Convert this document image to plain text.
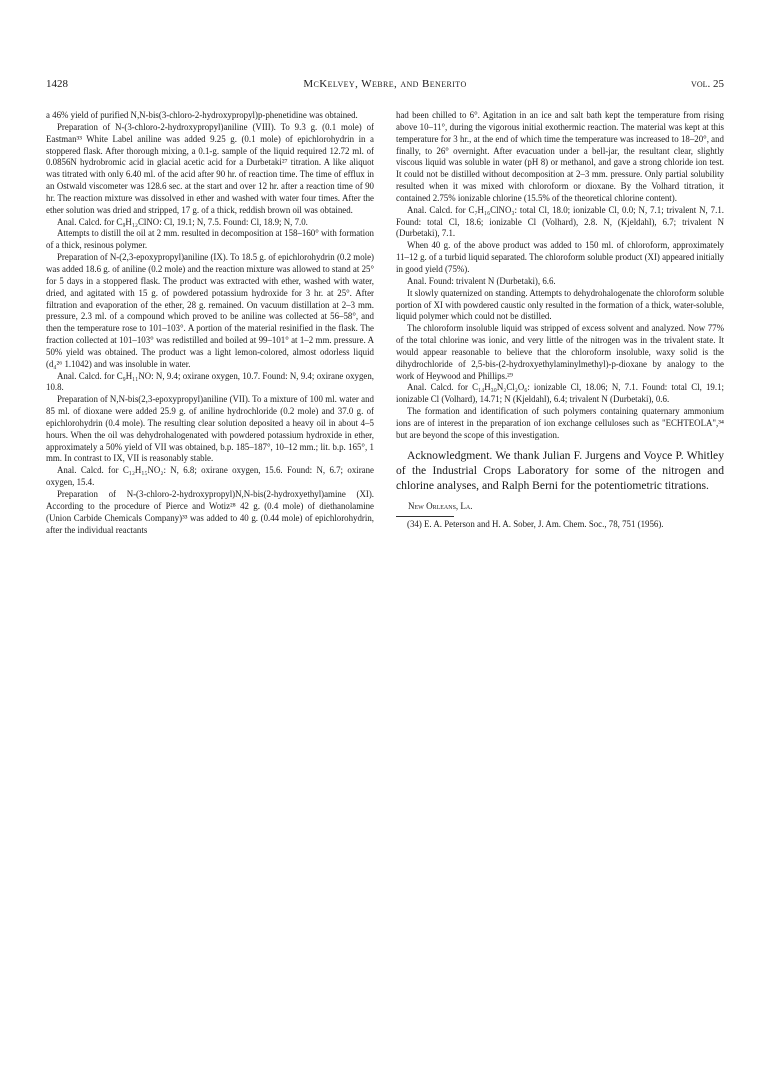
1428	McKelvey, Webre, and Benerito	vol. 25

a 46% yield of purified N,N-bis(3-chloro-2-hydroxypropyl)p-phenetidine was obtained.

Preparation of N-(3-chloro-2-hydroxypropyl)aniline (VIII). To 9.3 g. (0.1 mole) of Eastman³³ White Label aniline was added 9.25 g. (0.1 mole) of epichlorohydrin in a stoppered flask. After thorough mixing, a 0.1-g. sample of the liquid required 12.72 ml. of 0.0856N hydrobromic acid in glacial acetic acid for a Durbetaki²⁷ titration. A like aliquot was titrated with only 6.40 ml. of the acid after 90 hr. of reaction time. The time of efflux in an Ostwald viscometer was 128.6 sec. at the start and over 12 hr. after a reaction time of 90 hr. The reaction mixture was dissolved in ether and washed with water four times. After the ether solution was dried and stripped, 17 g. of a thick, reddish brown oil was obtained.

Anal. Calcd. for C₉H₁₂ClNO: Cl, 19.1; N, 7.5. Found: Cl, 18.9; N, 7.0.

Attempts to distill the oil at 2 mm. resulted in decomposition at 158–160° with formation of a thick, resinous polymer.

Preparation of N-(2,3-epoxypropyl)aniline (IX). To 18.5 g. of epichlorohydrin (0.2 mole) was added 18.6 g. of aniline (0.2 mole) and the reaction mixture was allowed to stand at 25° for 5 days in a stoppered flask. The product was extracted with ether, washed with water, dried, and agitated with 15 g. of powdered potassium hydroxide for 3 hr. at 25°. After filtration and evaporation of the ether, 28 g. remained. On vacuum distillation at 2–3 mm. pressure, 2.3 ml. of a compound which proved to be aniline was collected at 56–58°, and then the temperature rose to 101–103°. A portion of the material resinified in the flask. The fraction collected at 101–103° was redistilled and boiled at 99–101° at 1–2 mm. pressure. A 50% yield was obtained. The product was a light lemon-colored, almost odorless liquid (d₄²⁶ 1.1042) and was insoluble in water.

Anal. Calcd. for C₉H₁₁NO: N, 9.4; oxirane oxygen, 10.7. Found: N, 9.4; oxirane oxygen, 10.8.

Preparation of N,N-bis(2,3-epoxypropyl)aniline (VII). To a mixture of 100 ml. water and 85 ml. of dioxane were added 25.9 g. of aniline hydrochloride (0.2 mole) and 37.0 g. of epichlorohydrin (0.4 mole). The resulting clear solution deposited a heavy oil in about 4–5 hours. When the oil was dehydrohalogenated with powdered potassium hydroxide in ether, approximately a 50% yield of VII was obtained, b.p. 185–187°, 10–12 mm.; lit. b.p. 165°, 1 mm. In contrast to IX, VII is reasonably stable.

Anal. Calcd. for C₁₂H₁₅NO₂: N, 6.8; oxirane oxygen, 15.6. Found: N, 6.7; oxirane oxygen, 15.4.

Preparation of N-(3-chloro-2-hydroxypropyl)N,N-bis(2-hydroxyethyl)amine (XI). According to the procedure of Pierce and Wotiz²⁸ 42 g. (0.4 mole) of diethanolamine (Union Carbide Chemicals Company)³³ was added to 40 g. (0.44 mole) of epichlorohydrin, after the individual reactants

had been chilled to 6°. Agitation in an ice and salt bath kept the temperature from rising above 10–11°, during the vigorous initial exothermic reaction. The material was kept at this temperature for 3 hr., at the end of which time the temperature was increased to 18–20°, and finally, to 26° overnight. After evacuation under a bell-jar, the resultant clear, slightly viscous liquid was soluble in water (pH 8) or methanol, and gave a strong chloride ion test. It could not be distilled without decomposition at 2–3 mm. pressure. Only partial solubility resulted when it was mixed with chloroform or dioxane. By the Volhard titration, it contained 2.75% ionizable chlorine (15.5% of the theoretical chlorine content).

Anal. Calcd. for C₇H₁₆ClNO₃: total Cl, 18.0; ionizable Cl, 0.0; N, 7.1; trivalent N, 7.1. Found: total Cl, 18.6; ionizable Cl (Volhard), 2.8. N, (Kjeldahl), 6.7; trivalent N (Durbetaki), 7.1.

When 40 g. of the above product was added to 150 ml. of chloroform, approximately 11–12 g. of a turbid liquid separated. The chloroform soluble product (XI) appeared initially in good yield (75%).

Anal. Found: trivalent N (Durbetaki), 6.6.

It slowly quaternized on standing. Attempts to dehydrohalogenate the chloroform soluble portion of XI with powdered caustic only resulted in the formation of a thick, water-soluble, liquid polymer which could not be distilled.

The chloroform insoluble liquid was stripped of excess solvent and analyzed. Now 77% of the total chlorine was ionic, and very little of the nitrogen was in the trivalent state. It would appear reasonable to believe that the chloroform insoluble, waxy solid is the dihydrochloride of 2,5-bis-(2-hydroxyethylaminylmethyl)-p-dioxane by analogy to the work of Heywood and Phillips.²⁹

Anal. Calcd. for C₁₄H₃₀N₂Cl₂O₆: ionizable Cl, 18.06; N, 7.1. Found: total Cl, 19.1; ionizable Cl (Volhard), 14.71; N (Kjeldahl), 6.4; trivalent N (Durbetaki), 0.6.

The formation and identification of such polymers containing quaternary ammonium ions are of interest in the preparation of ion exchange celluloses such as "ECHTEOLA",³⁴ but are beyond the scope of this investigation.

Acknowledgment. We thank Julian F. Jurgens and Voyce P. Whitley of the Industrial Crops Laboratory for some of the nitrogen and chlorine analyses, and Ralph Berni for the potentiometric titrations.

New Orleans, La.

(34) E. A. Peterson and H. A. Sober, J. Am. Chem. Soc., 78, 751 (1956).
